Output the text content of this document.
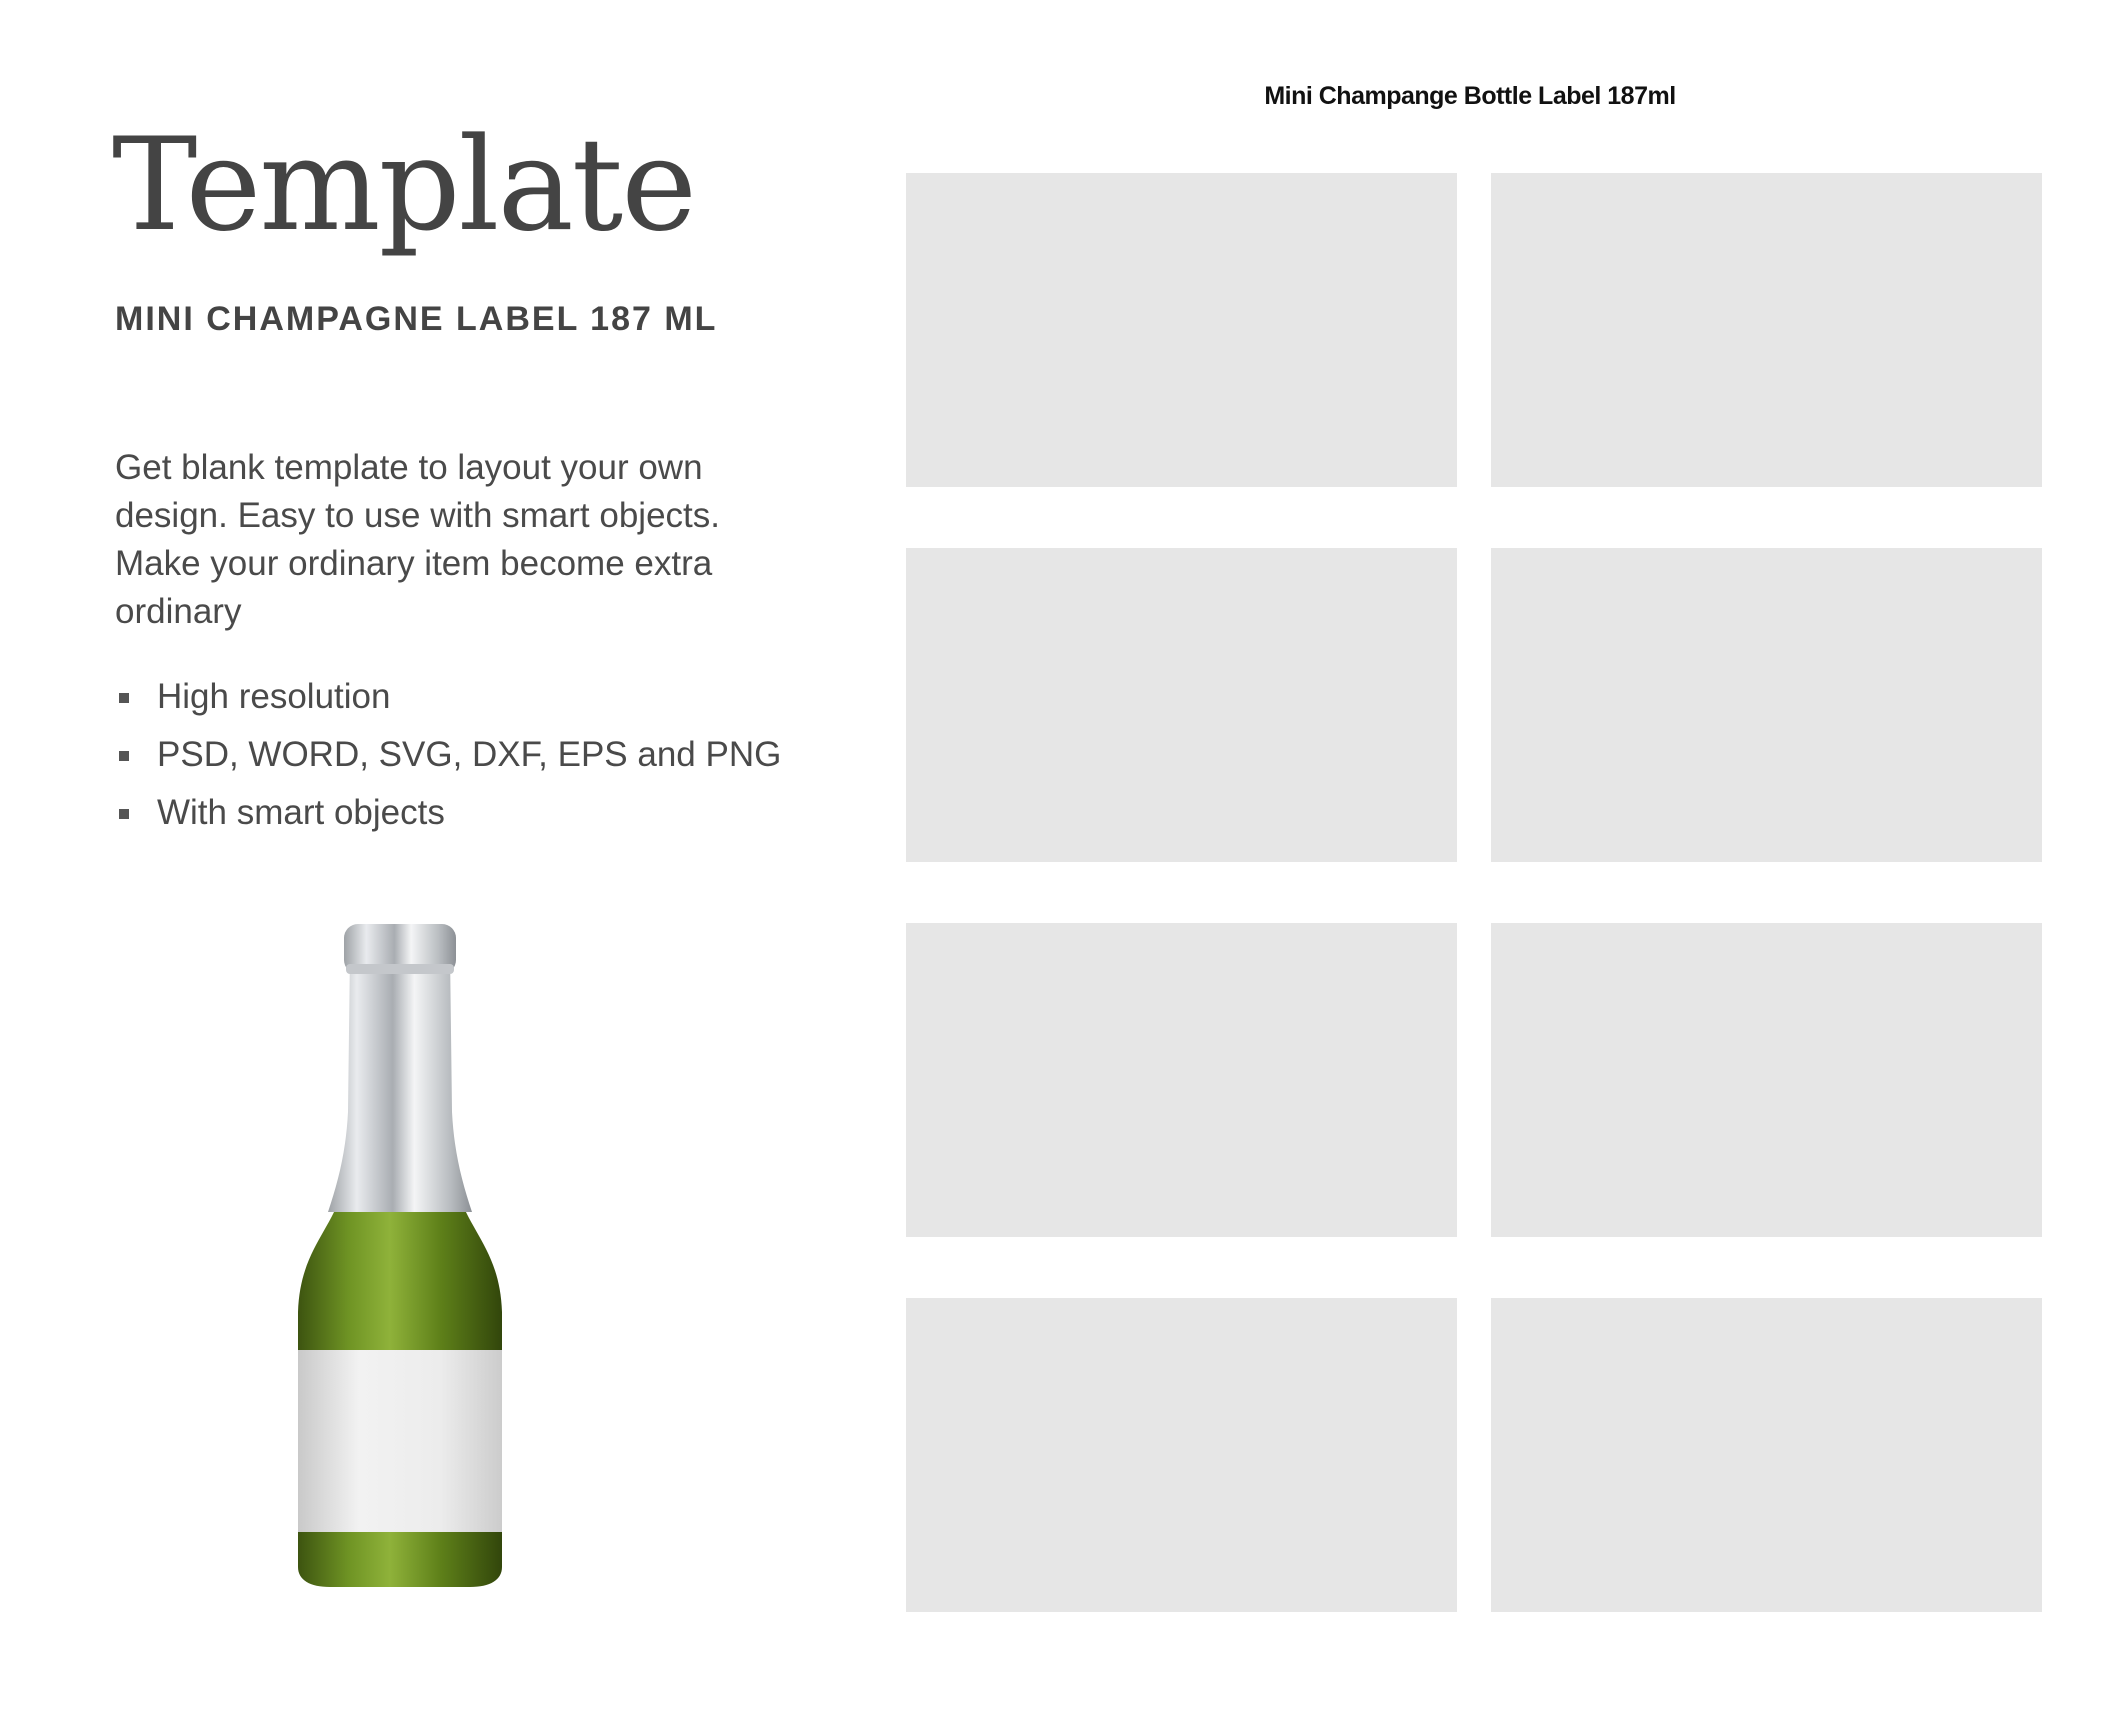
Template
MINI CHAMPAGNE LABEL 187 ML

Get blank template to layout your own design. Easy to use with smart objects. Make your ordinary item become extra ordinary

High resolution
PSD, WORD, SVG, DXF, EPS and PNG
With smart objects
Mini Champange Bottle Label 187ml
